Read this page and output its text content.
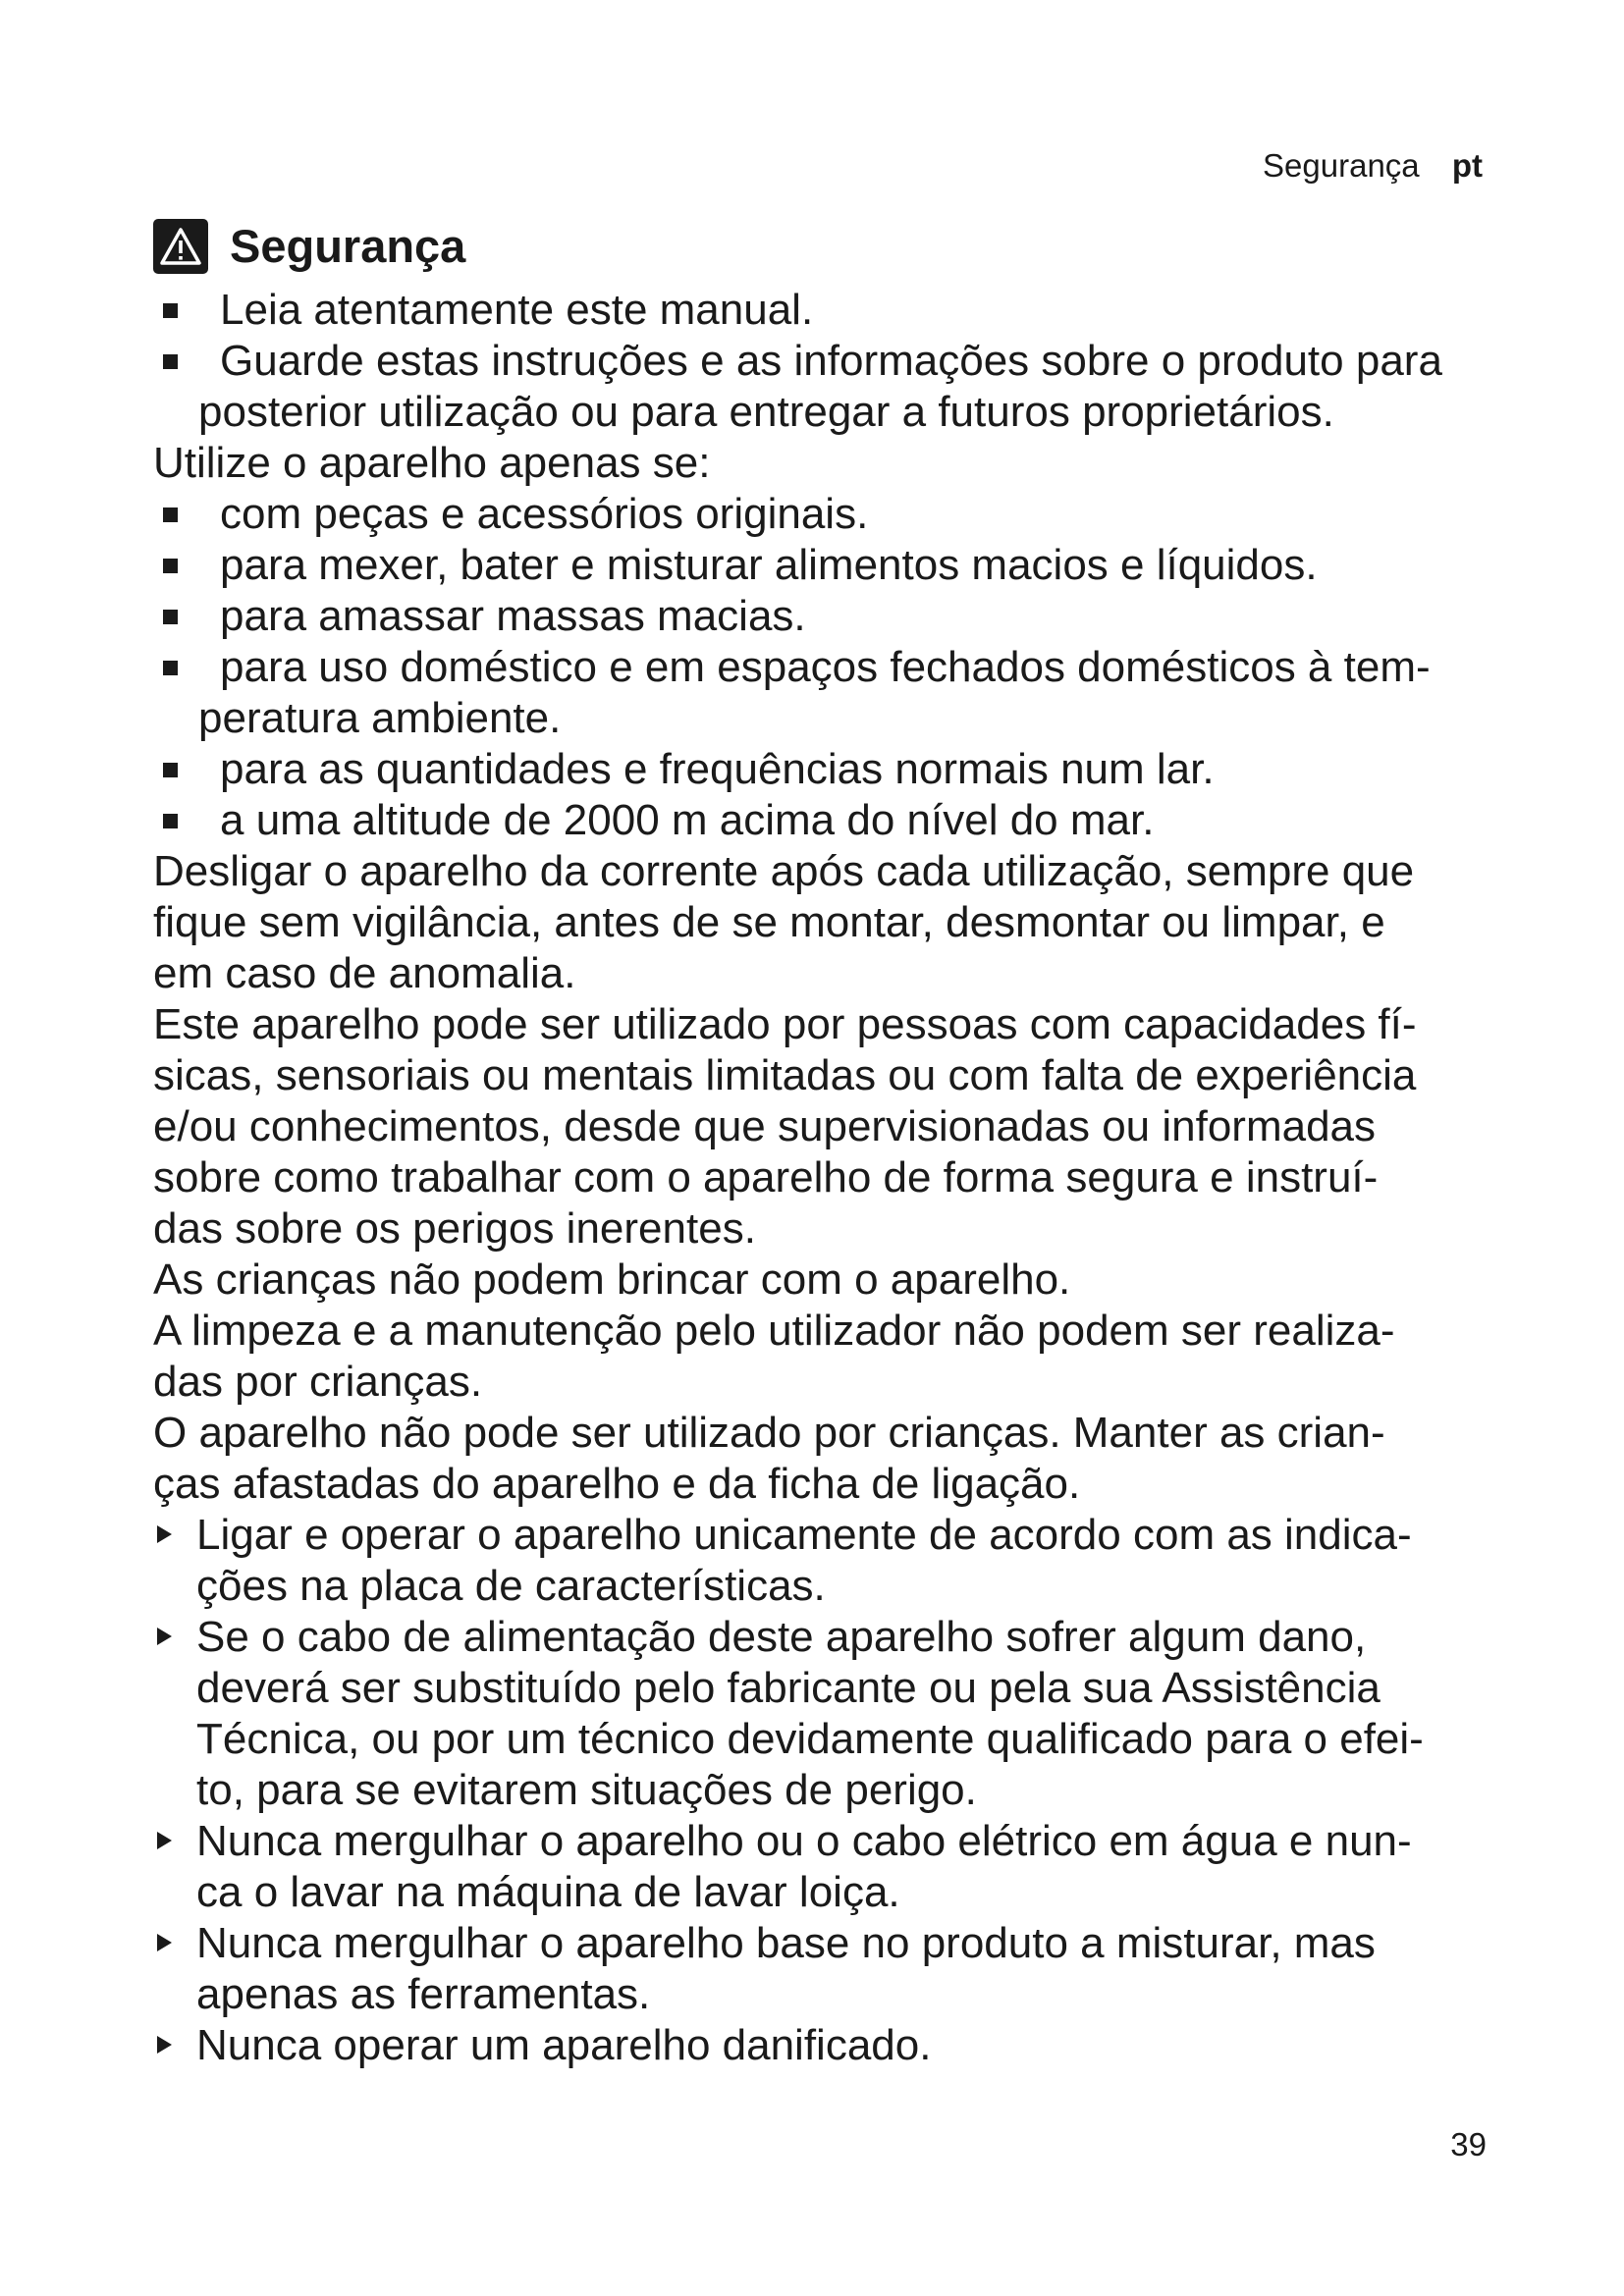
Segurança pt
Segurança
Leia atentamente este manual.
Guarde estas instruções e as informações sobre o produto para
posterior utilização ou para entregar a futuros proprietários.

Utilize o aparelho apenas se:

com peças e acessórios originais.
para mexer, bater e misturar alimentos macios e líquidos.
para amassar massas macias.
para uso doméstico e em espaços fechados domésticos à tem-
peratura ambiente.
para as quantidades e frequências normais num lar.
a uma altitude de 2000 m acima do nível do mar.

Desligar o aparelho da corrente após cada utilização, sempre que
fique sem vigilância, antes de se montar, desmontar ou limpar, e
em caso de anomalia.

Este aparelho pode ser utilizado por pessoas com capacidades fí-
sicas, sensoriais ou mentais limitadas ou com falta de experiência
e/ou conhecimentos, desde que supervisionadas ou informadas
sobre como trabalhar com o aparelho de forma segura e instruí-
das sobre os perigos inerentes.

As crianças não podem brincar com o aparelho.

A limpeza e a manutenção pelo utilizador não podem ser realiza-
das por crianças.

O aparelho não pode ser utilizado por crianças. Manter as crian-
ças afastadas do aparelho e da ficha de ligação.

Ligar e operar o aparelho unicamente de acordo com as indica-
ções na placa de características.
Se o cabo de alimentação deste aparelho sofrer algum dano,
deverá ser substituído pelo fabricante ou pela sua Assistência
Técnica, ou por um técnico devidamente qualificado para o efei-
to, para se evitarem situações de perigo.
Nunca mergulhar o aparelho ou o cabo elétrico em água e nun-
ca o lavar na máquina de lavar loiça.
Nunca mergulhar o aparelho base no produto a misturar, mas
apenas as ferramentas.
Nunca operar um aparelho danificado.
39
